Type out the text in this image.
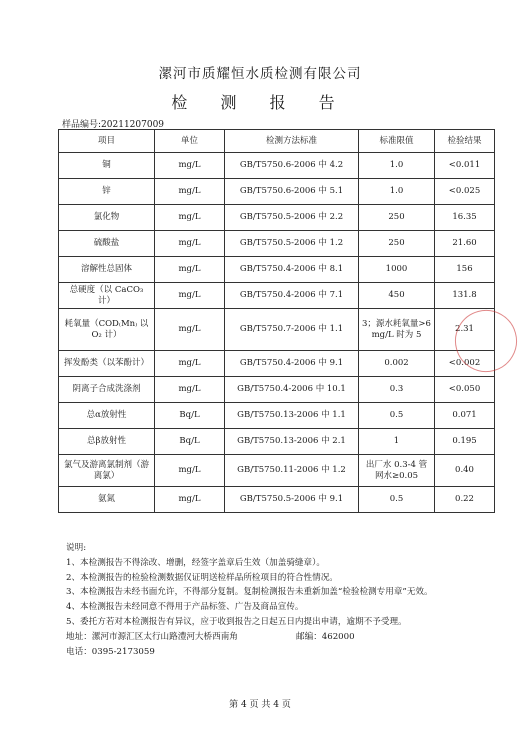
漯河市质耀恒水质检测有限公司
检 测 报 告
样品编号:20211207009
项目	单位	检测方法标准	标准限值	检验结果
铜	mg/L	GB/T5750.6-2006 中 4.2	1.0	<0.011
锌	mg/L	GB/T5750.6-2006 中 5.1	1.0	<0.025
氯化物	mg/L	GB/T5750.5-2006 中 2.2	250	16.35
硫酸盐	mg/L	GB/T5750.5-2006 中 1.2	250	21.60
溶解性总固体	mg/L	GB/T5750.4-2006 中 8.1	1000	156
总硬度（以 CaCO₃ 计）	mg/L	GB/T5750.4-2006 中 7.1	450	131.8
耗氧量（COD₍Mn₎ 以 O₂ 计）	mg/L	GB/T5750.7-2006 中 1.1	3；源水耗氧量>6 mg/L 时为 5	2.31
挥发酚类（以苯酚计）	mg/L	GB/T5750.4-2006 中 9.1	0.002	<0.002
阴离子合成洗涤剂	mg/L	GB/T5750.4-2006 中 10.1	0.3	<0.050
总α放射性	Bq/L	GB/T5750.13-2006 中 1.1	0.5	0.071
总β放射性	Bq/L	GB/T5750.13-2006 中 2.1	1	0.195
氯气及游离氯制剂（游离氯）	mg/L	GB/T5750.11-2006 中 1.2	出厂水 0.3-4 管网水≥0.05	0.40
氨氮	mg/L	GB/T5750.5-2006 中 9.1	0.5	0.22
说明:
1、本检测报告不得涂改、增删，经签字盖章后生效（加盖骑缝章）。
2、本检测报告的检验检测数据仅证明送检样品所检项目的符合性情况。
3、本检测报告未经书面允许，不得部分复制。复制检测报告未重新加盖“检验检测专用章”无效。
4、本检测报告未经同意不得用于产品标签、广告及商品宣传。
5、委托方若对本检测报告有异议，应于收到报告之日起五日内提出申请，逾期不予受理。
地址：漯河市源汇区太行山路澧河大桥西南角	邮编：462000
电话：0395-2173059
第 4 页 共 4 页
